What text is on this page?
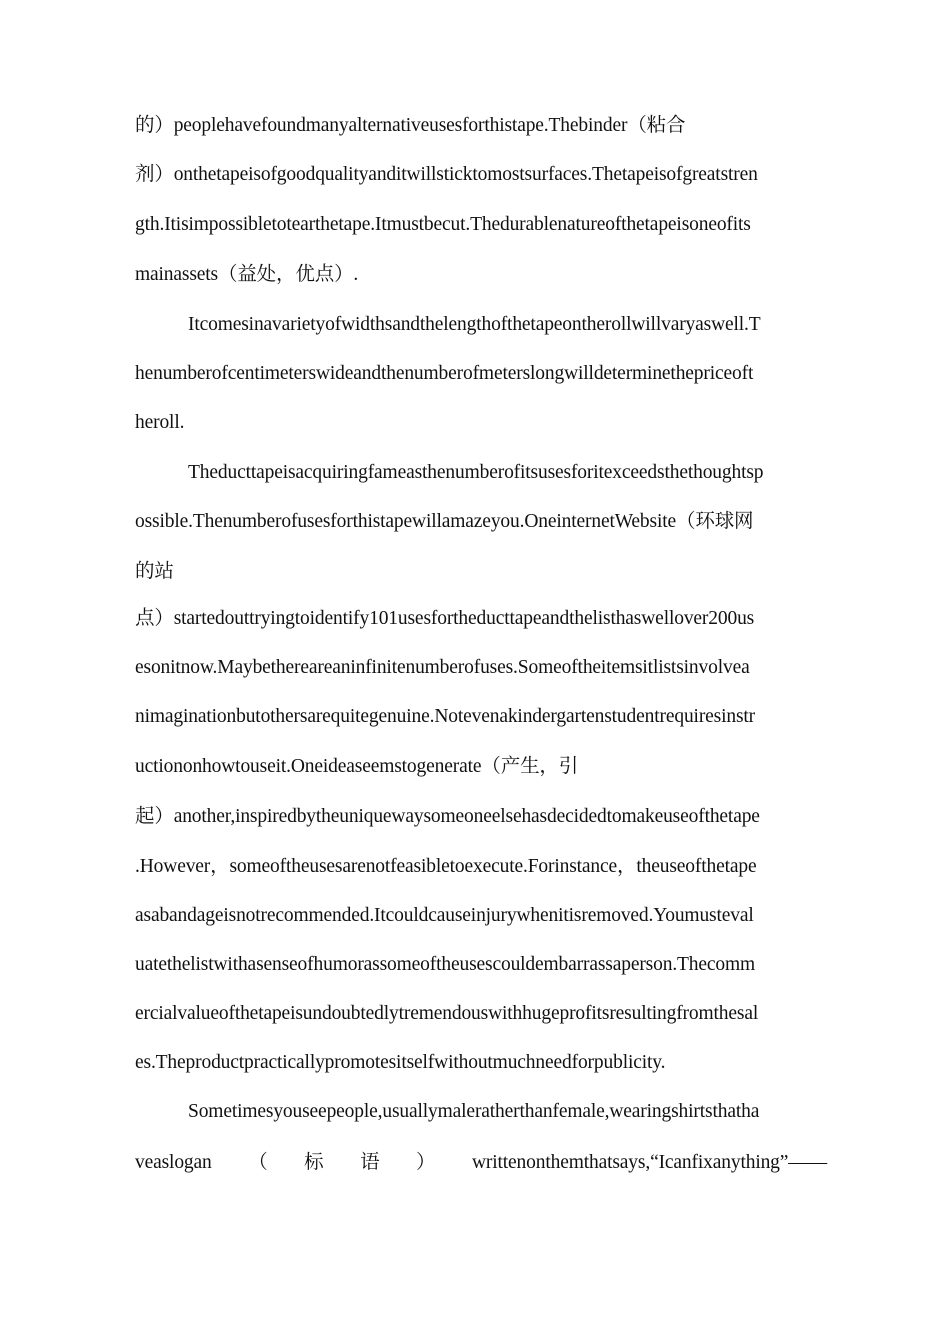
的）peoplehavefoundmanyalternativeusesforthistape.Thebinder（粘合
剂）onthetapeisofgoodqualityanditwillsticktomostsurfaces.Thetapeisofgreatstren
gth.Itisimpossibletotearthetape.Itmustbecut.Thedurablenatureofthetapeisoneofits
mainassets（益处，优点）.
Itcomesinavarietyofwidthsandthelengthofthetapeontherollwillvaryaswell.T
henumberofcentimeterswideandthenumberofmeterslongwilldeterminethepriceoft
heroll.
Theducttapeisacquiringfameasthenumberofitsusesforitexceedsthethoughtsp
ossible.Thenumberofusesforthistapewillamazeyou.OneinternetWebsite（环球网
的站
点）startedouttryingtoidentify101usesfortheducttapeandthelisthaswellover200us
esonitnow.Maybethereareaninfinitenumberofuses.Someoftheitemsitlistsinvolvea
nimaginationbutothersarequitegenuine.Notevenakindergartenstudentrequiresinstr
uctiononhowtouseit.Oneideaseemstogenerate（产生，引
起）another,inspiredbytheuniquewaysomeoneelsehasdecidedtomakeuseofthetape
.However，someoftheusesarenotfeasibletoexecute.Forinstance，theuseofthetape
asabandageisnotrecommended.Itcouldcauseinjurywhenitisremoved.Youmusteval
uatethelistwithasenseofhumorassomeoftheusescouldembarrassaperson.Thecomm
ercialvalueofthetapeisundoubtedlytremendouswithhugeprofitsresultingfromthesal
es.Theproductpracticallypromotesitselfwithoutmuchneedforpublicity.
Sometimesyouseepeople,usuallymaleratherthanfemale,wearingshirtsthatha
veaslogan （ 标 语 ） writtenonthemthatsays,“Icanfixanything”——
